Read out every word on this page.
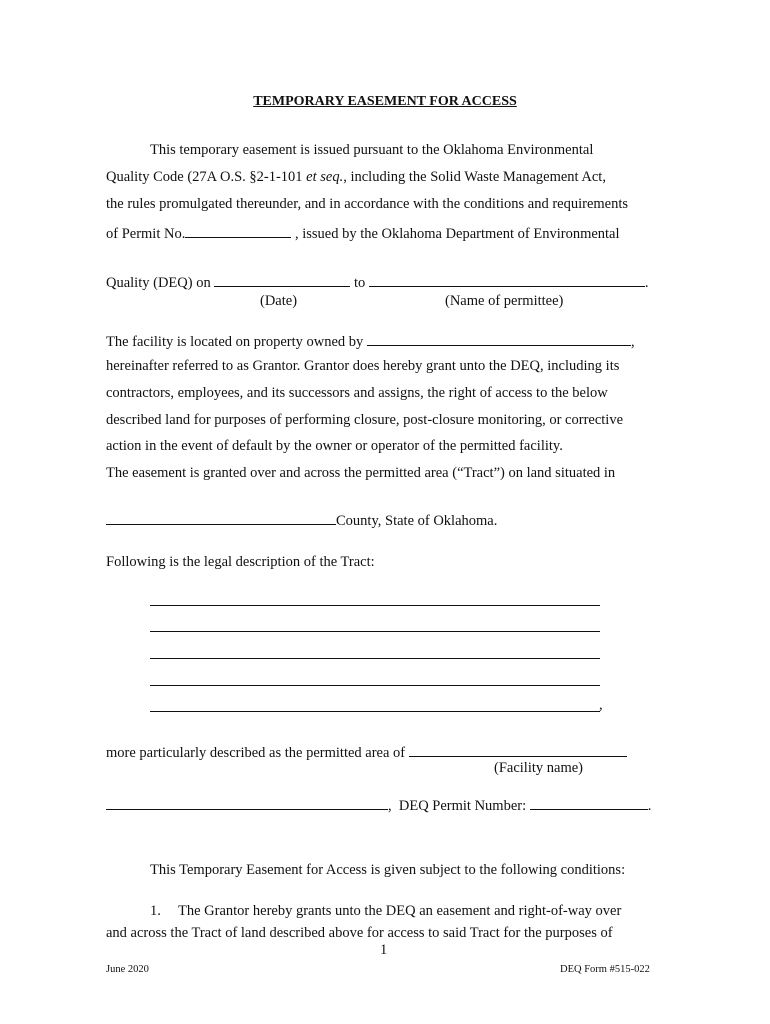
TEMPORARY EASEMENT FOR ACCESS
This temporary easement is issued pursuant to the Oklahoma Environmental
Quality Code (27A O.S. §2-1-101 et seq., including the Solid Waste Management Act,
the rules promulgated thereunder, and in accordance with the conditions and requirements
of Permit No.	, issued by the Oklahoma Department of Environmental
Quality (DEQ) on	to	.
(Date)	(Name of permittee)
The facility is located on property owned by	,
hereinafter referred to as Grantor. Grantor does hereby grant unto the DEQ, including its
contractors, employees, and its successors and assigns, the right of access to the below
described land for purposes of performing closure, post-closure monitoring, or corrective
action in the event of default by the owner or operator of the permitted facility.
The easement is granted over and across the permitted area (“Tract”) on land situated in
County, State of Oklahoma.
Following is the legal description of the Tract:
,
more particularly described as the permitted area of
(Facility name)
, DEQ Permit Number:	.
This Temporary Easement for Access is given subject to the following conditions:
1. The Grantor hereby grants unto the DEQ an easement and right-of-way over
and across the Tract of land described above for access to said Tract for the purposes of
1
June 2020	DEQ Form #515-022
